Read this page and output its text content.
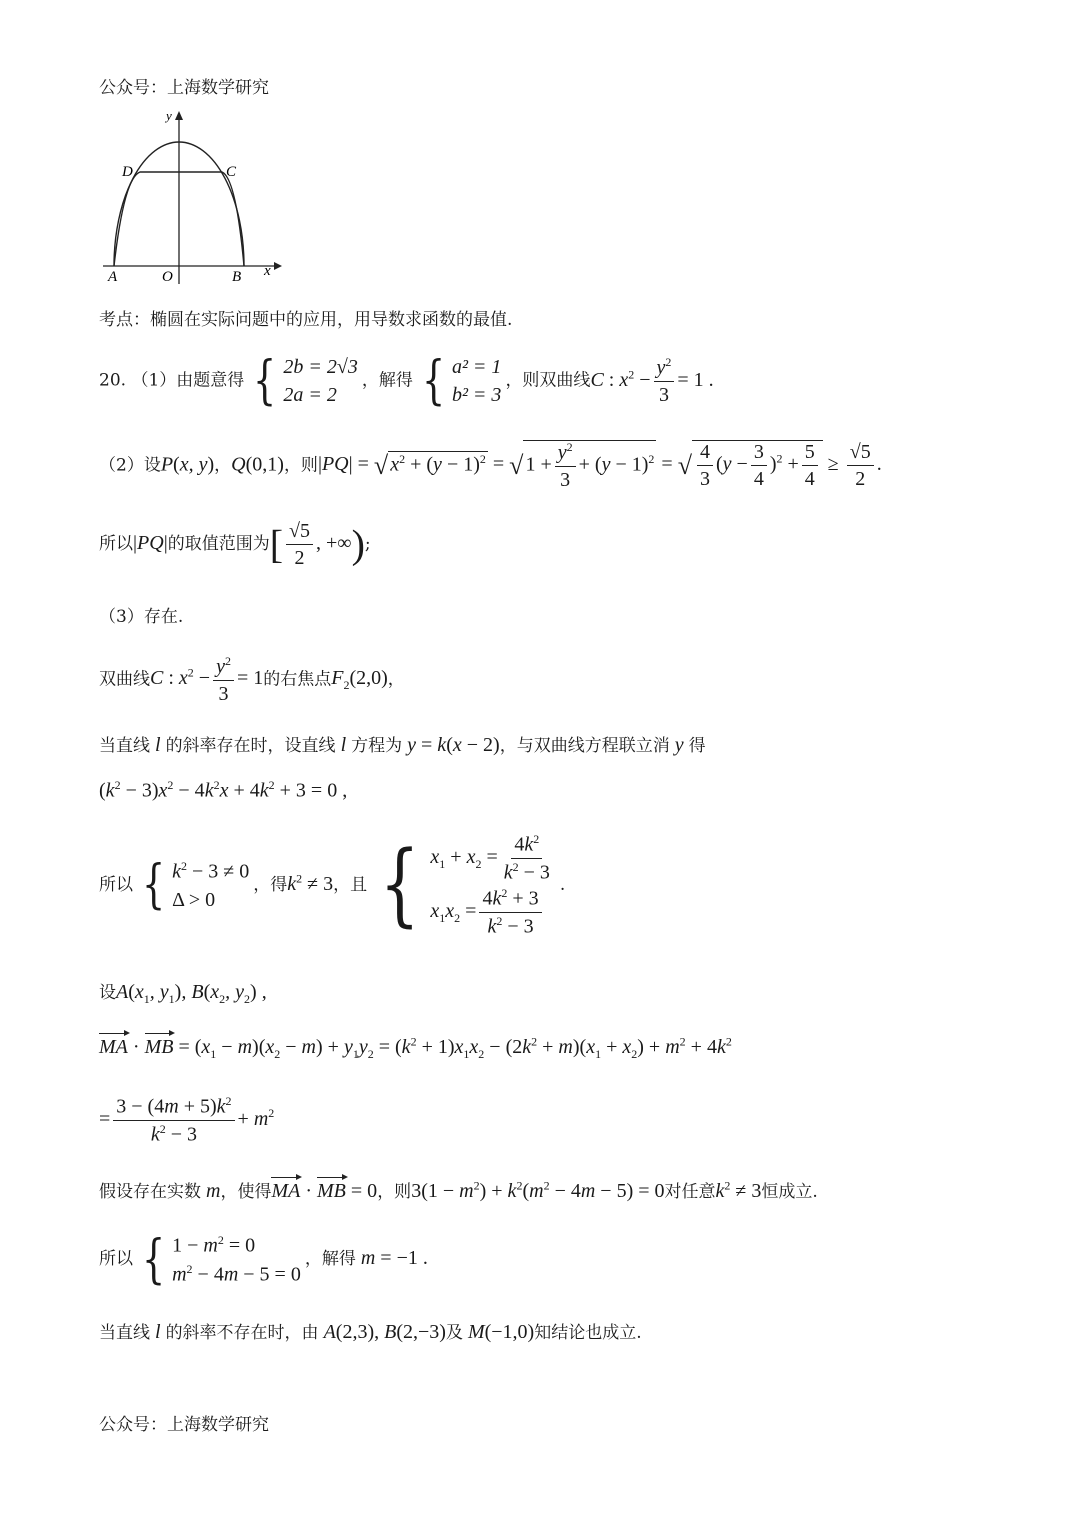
公众号：上海数学研究
y
x
D	C
A	O	B
考点：椭圆在实际问题中的应用，用导数求函数的最值.
20. （1）由题意得 { 2b = 2√3
2a = 2
，解得 { a² = 1
b² = 3
，则双曲线C : $x^2 - \frac{y^2}{3} = 1$ .
（2）设P(x, y)，Q(0,1)，则|PQ| = √ $x^2 + (y - 1)^2$ = √ $1 + \frac{y^2}{3} + (y - 1)^2$ = √ $\frac{4}{3} (y - \frac{3}{4} )^2 + \frac{5}{4} \ge \frac{√5}{2}$ .
所以|PQ|的取值范围为[ $\frac{√5}{2}$ , +∞);
（3）存在.
双曲线C : $x^2 - \frac{y^2}{3} = 1$的右焦点$F_2(2,0)$，
当直线 l 的斜率存在时，设直线 l 方程为 y = k(x − 2)，与双曲线方程联立消 y 得
$(k^2 - 3)x^2 - 4k^2x + 4k^2 + 3 = 0$ ,
所以 { $k^2 - 3 \ne 0$
Δ > 0
，得$k^2 \ne 3$，且 { $x_1 + x_2 = \frac{4k^2}{k^2 - 3}$
$x_1x_2 = \frac{4k^2 + 3}{k^2 - 3}$
.
设$A(x_1$, $y_1$), $B(x_2$, $y_2$) ,
MA · MB = $(x_1 - m)(x_2 - m) + y_1y_2 = (k^2 + 1)x_1x_2 - (2k^2 + m)(x_1 + x_2) + m^2 + 4k^2$
= $\frac{3 - (4m + 5)k^2}{k^2 - 3} + m^2$
假设存在实数 m，使得MA · MB = 0，则$3(1 - m^2) + k^2(m^2 - 4m - 5) = 0$对任意$k^2 \ne 3$恒成立.
所以 { $1 - m^2 = 0$
$m^2 - 4m - 5 = 0$
，解得 m = −1 .
当直线 l 的斜率不存在时，由 A(2,3), B(2,−3)及 M(−1,0)知结论也成立.
公众号：上海数学研究
